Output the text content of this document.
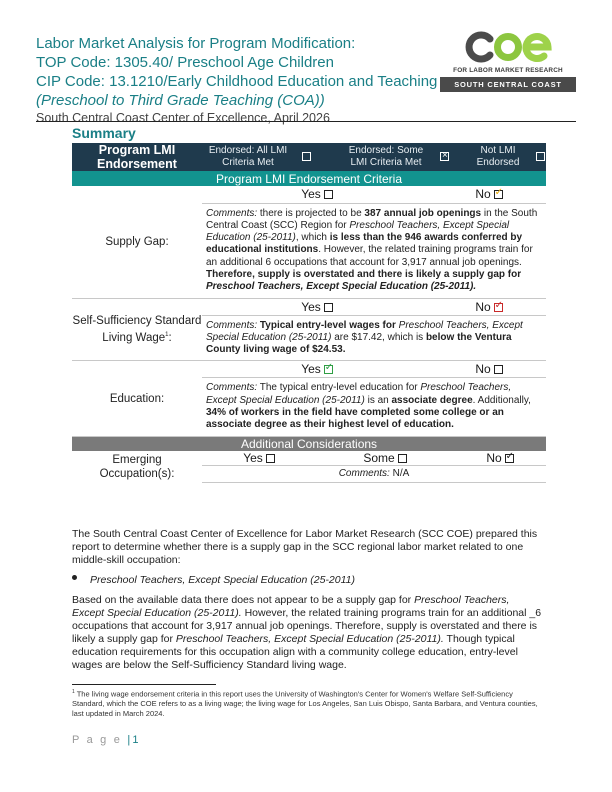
Labor Market Analysis for Program Modification:
TOP Code: 1305.40/ Preschool Age Children
CIP Code: 13.1210/Early Childhood Education and Teaching
(Preschool to Third Grade Teaching (COA))
South Central Coast Center of Excellence, April 2026
FOR LABOR MARKET RESEARCH
SOUTH CENTRAL COAST
Summary
Program LMI Endorsement	Endorsed: All LMI Criteria Met			Endorsed: Some LMI Criteria Met	×		Not LMI Endorsed	
Program LMI Endorsement Criteria								
Supply Gap:	Yes				No✓
	Comments: there is projected to be 387 annual job openings in the South Central Coast (SCC) Region for Preschool Teachers, Except Special Education (25-2011), which is less than the 946 awards conferred by educational institutions. However, the related training programs train for an additional 6 occupations that account for 3,917 annual job openings. Therefore, supply is overstated and there is likely a supply gap for Preschool Teachers, Except Special Education (25-2011).							
Self-Sufficiency Standard Living Wage$^1$:	Yes				No✓
	Comments: Typical entry-level wages for Preschool Teachers, Except Special Education (25-2011) are $17.42, which is below the Ventura County living wage of $24.53.							
Education:	Yes✓				No			
	Comments: The typical entry-level education for Preschool Teachers, Except Special Education (25-2011) is an associate degree. Additionally, 34% of workers in the field have completed some college or an associate degree as their highest level of education.							
Additional Considerations								
Emerging Occupation(s):	Yes		Some			No✓
	Comments: N/A							
The South Central Coast Center of Excellence for Labor Market Research (SCC COE) prepared this report to determine whether there is a supply gap in the SCC regional labor market related to one middle-skill occupation:
Preschool Teachers, Except Special Education (25-2011)
Based on the available data there does not appear to be a supply gap for Preschool Teachers, Except Special Education (25-2011). However, the related training programs train for an additional _6 occupations that account for 3,917 annual job openings. Therefore, supply is overstated and there is likely a supply gap for Preschool Teachers, Except Special Education (25-2011). Though typical education requirements for this occupation align with a community college education, entry-level wages are below the Self-Sufficiency Standard living wage.
$^1$ The living wage endorsement criteria in this report uses the University of Washington's Center for Women's Welfare Self-Sufficiency Standard, which the COE refers to as a living wage; the living wage for Los Angeles, San Luis Obispo, Santa Barbara, and Ventura counties, last updated in March 2024.
P a g e |1
